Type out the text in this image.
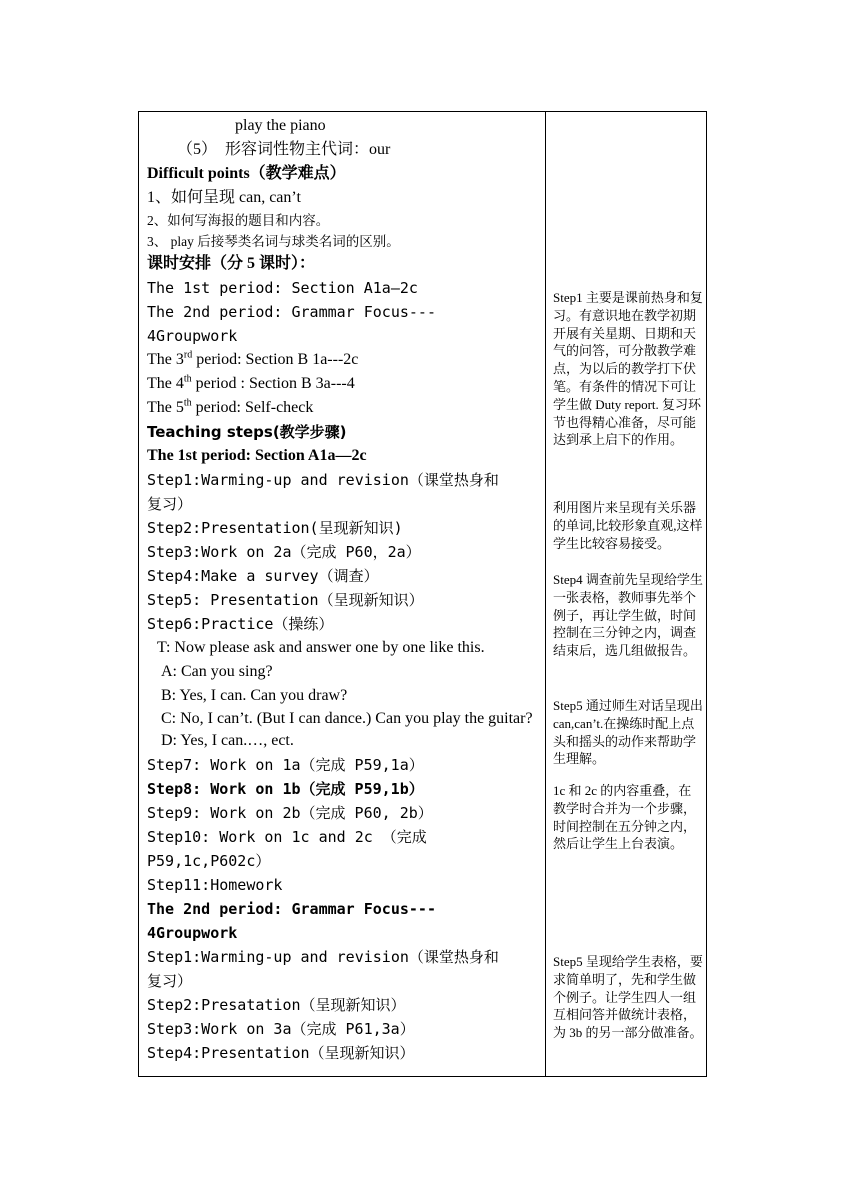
play the piano
（5）　形容词性物主代词：our
Difficult points（教学难点）
1、如何呈现 can, can’t
2、如何写海报的题目和内容。
3、 play 后接琴类名词与球类名词的区别。
课时安排（分 5 课时）：
The 1st period: Section A1a—2c
The 2nd period: Grammar Focus---
4Groupwork
The 3rd period: Section B 1a---2c
The 4th period : Section B 3a---4
The 5th period: Self-check
Teaching steps(教学步骤)
The 1st period: Section A1a—2c
Step1:Warming-up and revision（课堂热身和
复习）
Step2:Presentation(呈现新知识)
Step3:Work on 2a（完成 P60，2a）
Step4:Make a survey（调查）
Step5: Presentation（呈现新知识）
Step6:Practice（操练）
T: Now please ask and answer one by one like this.
A: Can you sing?
B: Yes, I can. Can you draw?
C: No, I can’t. (But I can dance.) Can you play the guitar?
D: Yes, I can.…, ect.
Step7: Work on 1a（完成 P59,1a）
Step8: Work on 1b（完成 P59,1b）
Step9: Work on 2b（完成 P60, 2b）
Step10: Work on 1c and 2c （完成
P59,1c,P602c）
Step11:Homework
The 2nd period: Grammar Focus---
4Groupwork
Step1:Warming-up and revision（课堂热身和
复习）
Step2:Presatation（呈现新知识）
Step3:Work on 3a（完成 P61,3a）
Step4:Presentation（呈现新知识）
Step1 主要是课前热身和复习。有意识地在教学初期开展有关星期、日期和天气的问答，可分散教学难点，为以后的教学打下伏笔。有条件的情况下可让学生做 Duty report. 复习环节也得精心准备，尽可能达到承上启下的作用。
利用图片来呈现有关乐器的单词,比较形象直观,这样学生比较容易接受。
Step4 调查前先呈现给学生一张表格，教师事先举个例子，再让学生做，时间控制在三分钟之内，调查结束后，选几组做报告。
Step5 通过师生对话呈现出 can,can’t.在操练时配上点头和摇头的动作来帮助学生理解。
1c 和 2c 的内容重叠，在教学时合并为一个步骤，时间控制在五分钟之内，然后让学生上台表演。
Step5 呈现给学生表格，要求简单明了，先和学生做个例子。让学生四人一组互相问答并做统计表格，为 3b 的另一部分做准备。
